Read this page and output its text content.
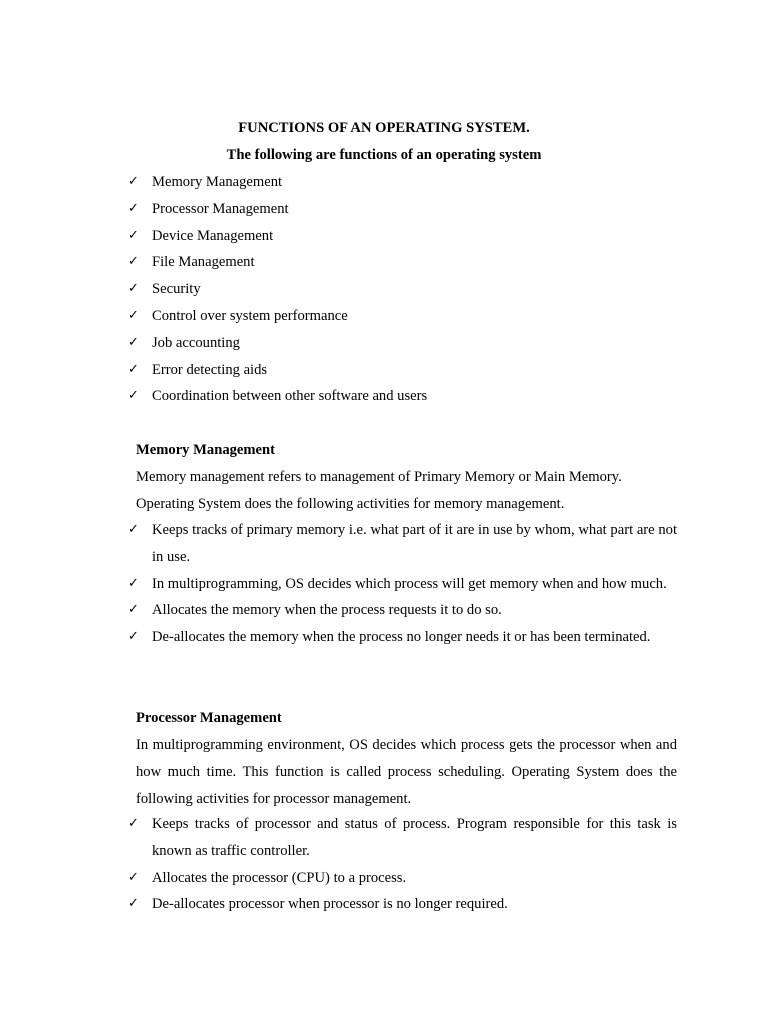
FUNCTIONS OF AN OPERATING SYSTEM.
The following are functions of an operating system
✓ Memory Management
✓ Processor Management
✓ Device Management
✓ File Management
✓ Security
✓ Control over system performance
✓ Job accounting
✓ Error detecting aids
✓ Coordination between other software and users
Memory Management

Memory management refers to management of Primary Memory or Main Memory.

Operating System does the following activities for memory management.

✓ Keeps tracks of primary memory i.e. what part of it are in use by whom, what part are not in use.
✓ In multiprogramming, OS decides which process will get memory when and how much.
✓ Allocates the memory when the process requests it to do so.
✓ De-allocates the memory when the process no longer needs it or has been terminated.
Processor Management

In multiprogramming environment, OS decides which process gets the processor when and how much time. This function is called process scheduling. Operating System does the following activities for processor management.

✓ Keeps tracks of processor and status of process. Program responsible for this task is known as traffic controller.
✓ Allocates the processor (CPU) to a process.
✓ De-allocates processor when processor is no longer required.
